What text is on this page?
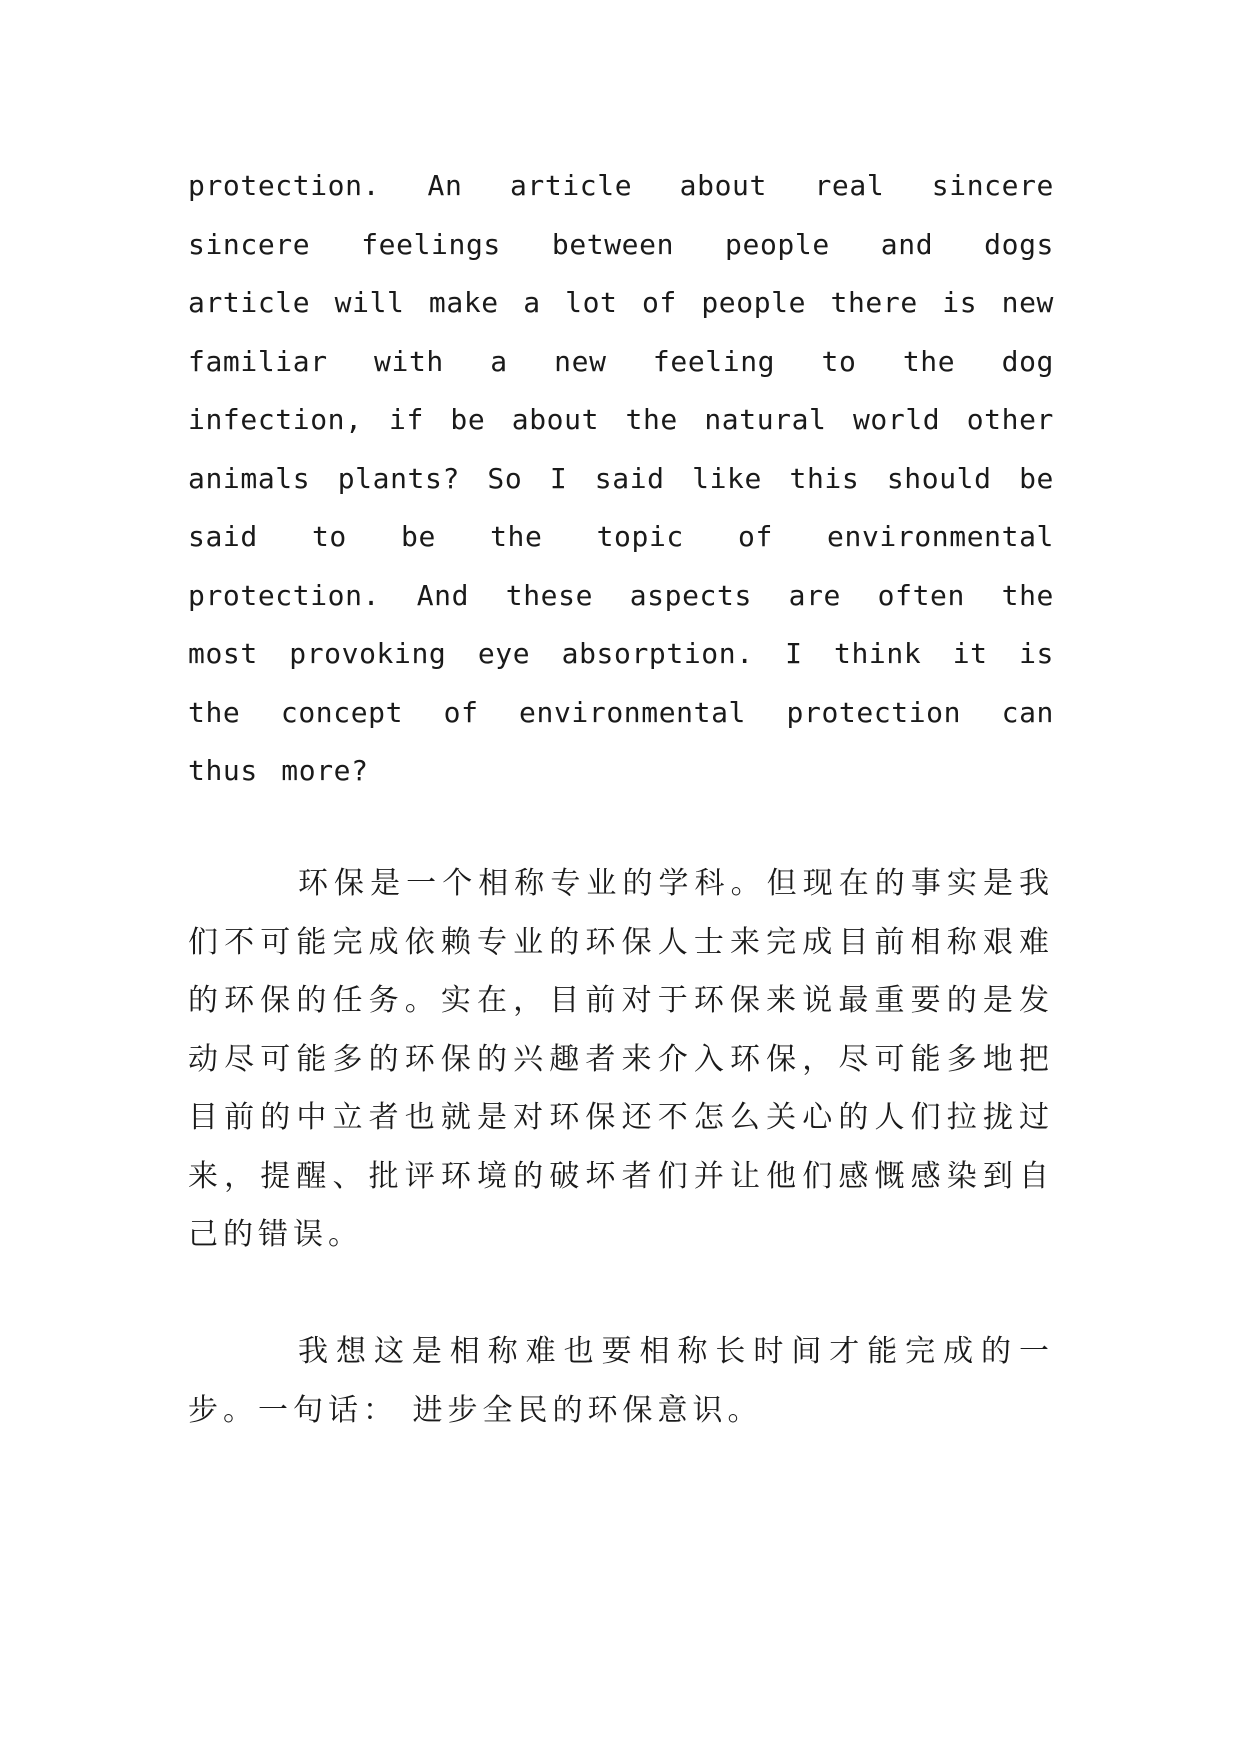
protection. An article about real sincere sincere feelings between people and dogs article will make a lot of people there is new familiar with a new feeling to the dog infection, if be about the natural world other animals plants? So I said like this should be said to be the topic of environmental protection. And these aspects are often the most provoking eye absorption. I think it is the concept of environmental protection can thus more?

环保是一个相称专业的学科。但现在的事实是我们不可能完成依赖专业的环保人士来完成目前相称艰难的环保的任务。实在，目前对于环保来说最重要的是发动尽可能多的环保的兴趣者来介入环保，尽可能多地把目前的中立者也就是对环保还不怎么关心的人们拉拢过来，提醒、批评环境的破坏者们并让他们感慨感染到自己的错误。

我想这是相称难也要相称长时间才能完成的一步。一句话： 进步全民的环保意识。
